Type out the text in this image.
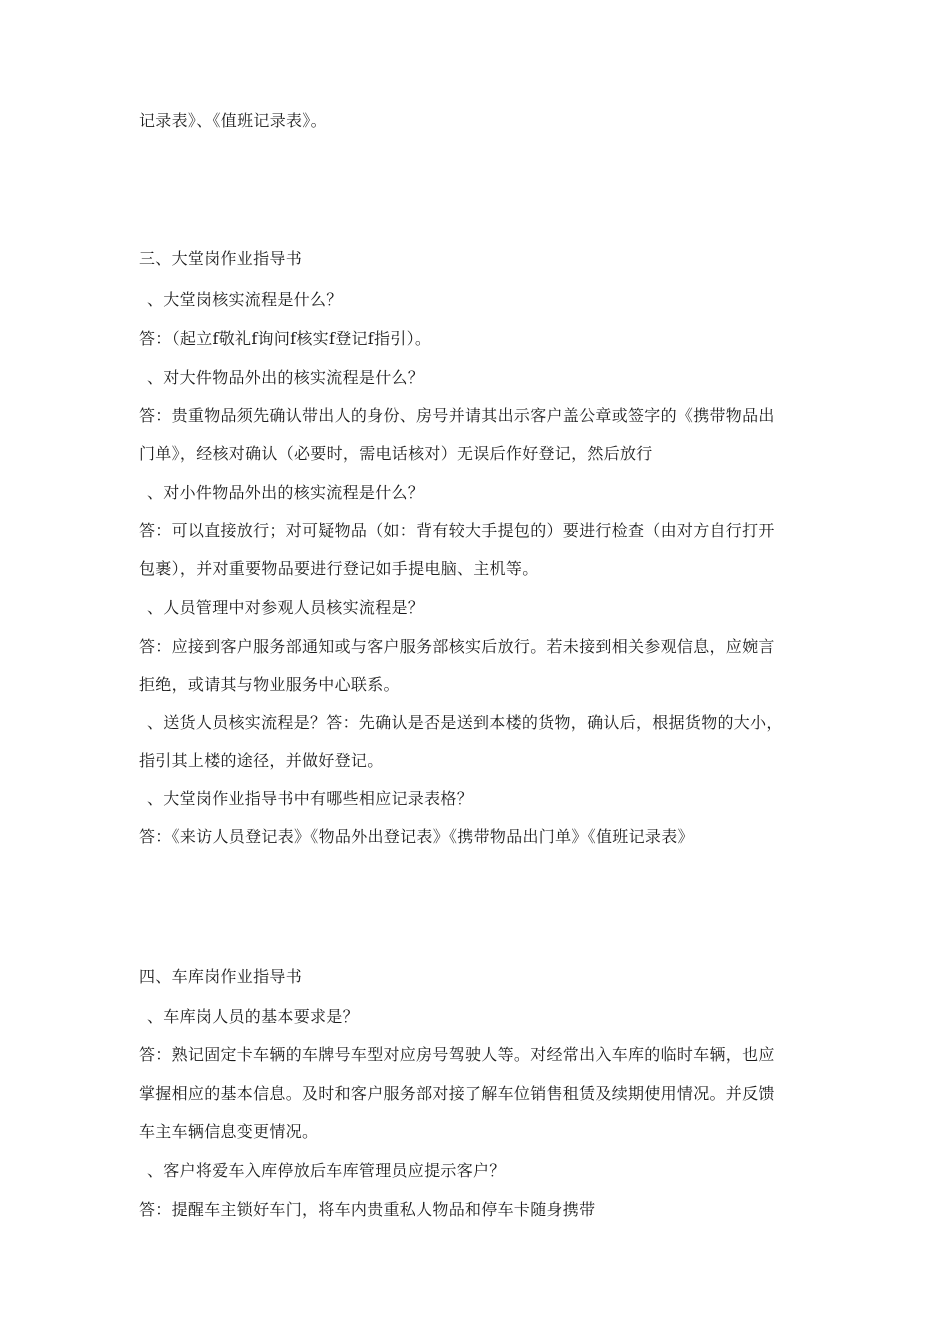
记录表》、《值班记录表》。
三、大堂岗作业指导书
、大堂岗核实流程是什么？
答：（起立f敬礼f询问f核实f登记f指引）。
、对大件物品外出的核实流程是什么？
答：贵重物品须先确认带出人的身份、房号并请其出示客户盖公章或签字的《携带物品出
门单》，经核对确认（必要时，需电话核对）无误后作好登记，然后放行
、对小件物品外出的核实流程是什么？
答：可以直接放行；对可疑物品（如：背有较大手提包的）要进行检查（由对方自行打开
包裹），并对重要物品要进行登记如手提电脑、主机等。
、人员管理中对参观人员核实流程是？
答：应接到客户服务部通知或与客户服务部核实后放行。若未接到相关参观信息，应婉言
拒绝，或请其与物业服务中心联系。
、送货人员核实流程是？答：先确认是否是送到本楼的货物，确认后，根据货物的大小，
指引其上楼的途径，并做好登记。
、大堂岗作业指导书中有哪些相应记录表格？
答：《来访人员登记表》《物品外出登记表》《携带物品出门单》《值班记录表》
四、车库岗作业指导书
、车库岗人员的基本要求是？
答：熟记固定卡车辆的车牌号车型对应房号驾驶人等。对经常出入车库的临时车辆，也应
掌握相应的基本信息。及时和客户服务部对接了解车位销售租赁及续期使用情况。并反馈
车主车辆信息变更情况。
、客户将爱车入库停放后车库管理员应提示客户？
答：提醒车主锁好车门，将车内贵重私人物品和停车卡随身携带
